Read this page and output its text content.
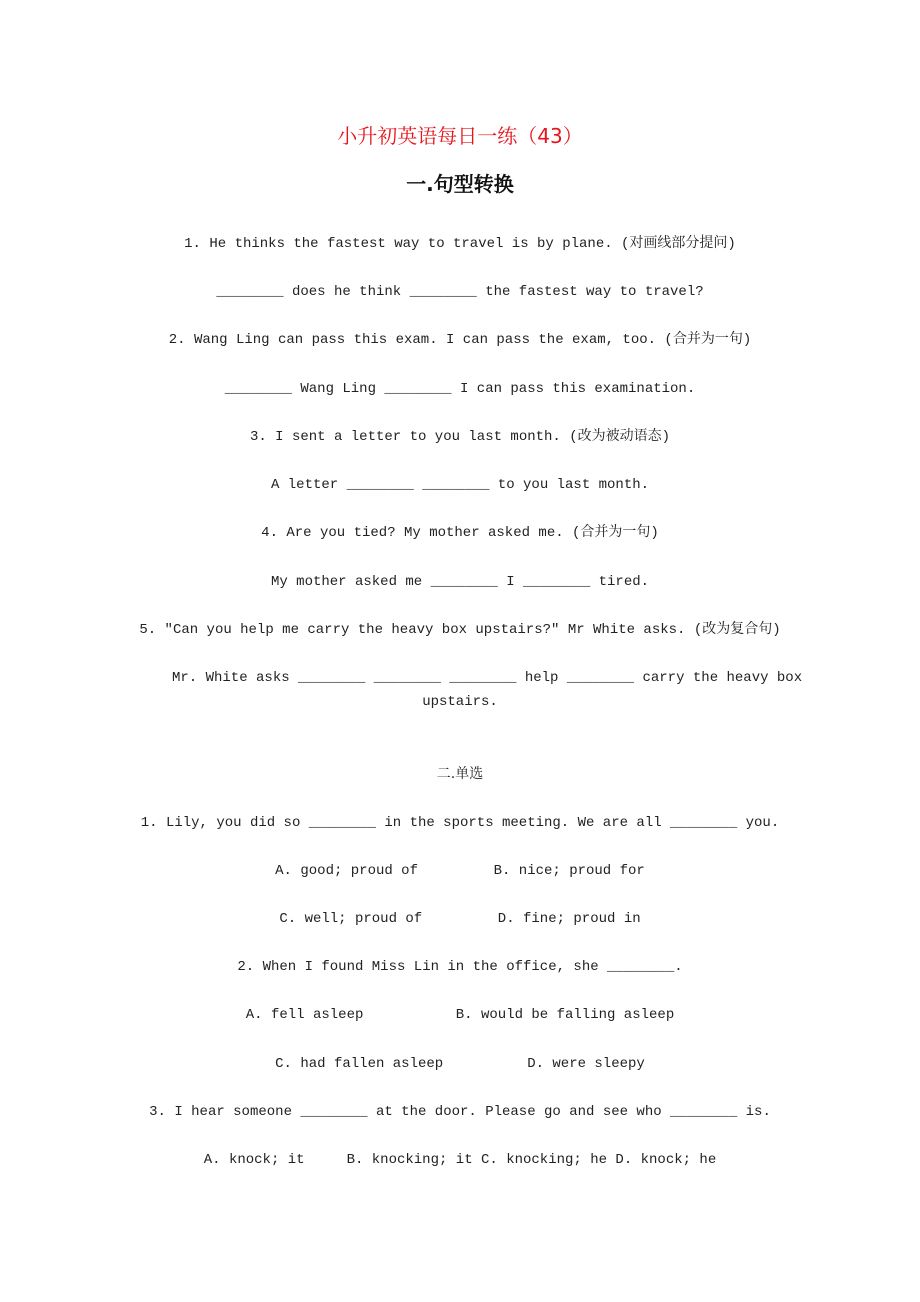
小升初英语每日一练（43）
一.句型转换
1. He thinks the fastest way to travel is by plane. (对画线部分提问)
________ does he think ________ the fastest way to travel?
2. Wang Ling can pass this exam. I can pass the exam, too. (合并为一句)
________ Wang Ling ________ I can pass this examination.
3. I sent a letter to you last month. (改为被动语态)
A letter ________ ________ to you last month.
4. Are you tied? My mother asked me. (合并为一句)
My mother asked me ________ I ________ tired.
5. "Can you help me carry the heavy box upstairs?" Mr White asks. (改为复合句)
Mr. White asks ________ ________ ________ help ________ carry the heavy box
upstairs.
二.单选
1. Lily, you did so ________ in the sports meeting. We are all ________ you.
A. good; proud of         B. nice; proud for
C. well; proud of         D. fine; proud in
2. When I found Miss Lin in the office, she ________.
A. fell asleep           B. would be falling asleep
C. had fallen asleep          D. were sleepy
3. I hear someone ________ at the door. Please go and see who ________ is.
A. knock; it     B. knocking; it C. knocking; he D. knock; he
